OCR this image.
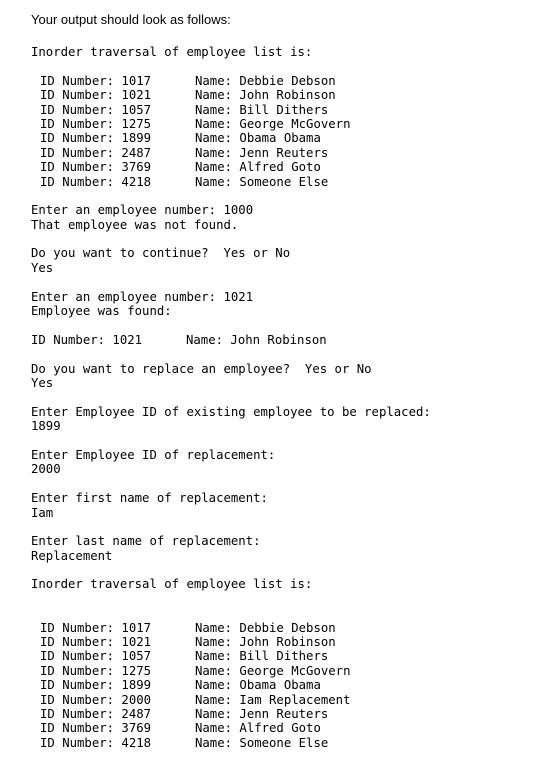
Your output should look as follows:
Inorder traversal of employee list is:
ID Number: 1017	Name: Debbie Debson
ID Number: 1021	Name: John Robinson
ID Number: 1057	Name: Bill Dithers
ID Number: 1275	Name: George McGovern
ID Number: 1899	Name: Obama Obama
ID Number: 2487	Name: Jenn Reuters
ID Number: 3769	Name: Alfred Goto
ID Number: 4218	Name: Someone Else
Enter an employee number: 1000
That employee was not found.
Do you want to continue?  Yes or No
Yes
Enter an employee number: 1021
Employee was found:
ID Number: 1021	Name: John Robinson
Do you want to replace an employee?  Yes or No
Yes
Enter Employee ID of existing employee to be replaced:
1899
Enter Employee ID of replacement:
2000
Enter first name of replacement:
Iam
Enter last name of replacement:
Replacement
Inorder traversal of employee list is:
ID Number: 1017	Name: Debbie Debson
ID Number: 1021	Name: John Robinson
ID Number: 1057	Name: Bill Dithers
ID Number: 1275	Name: George McGovern
ID Number: 1899	Name: Obama Obama
ID Number: 2000	Name: Iam Replacement
ID Number: 2487	Name: Jenn Reuters
ID Number: 3769	Name: Alfred Goto
ID Number: 4218	Name: Someone Else
